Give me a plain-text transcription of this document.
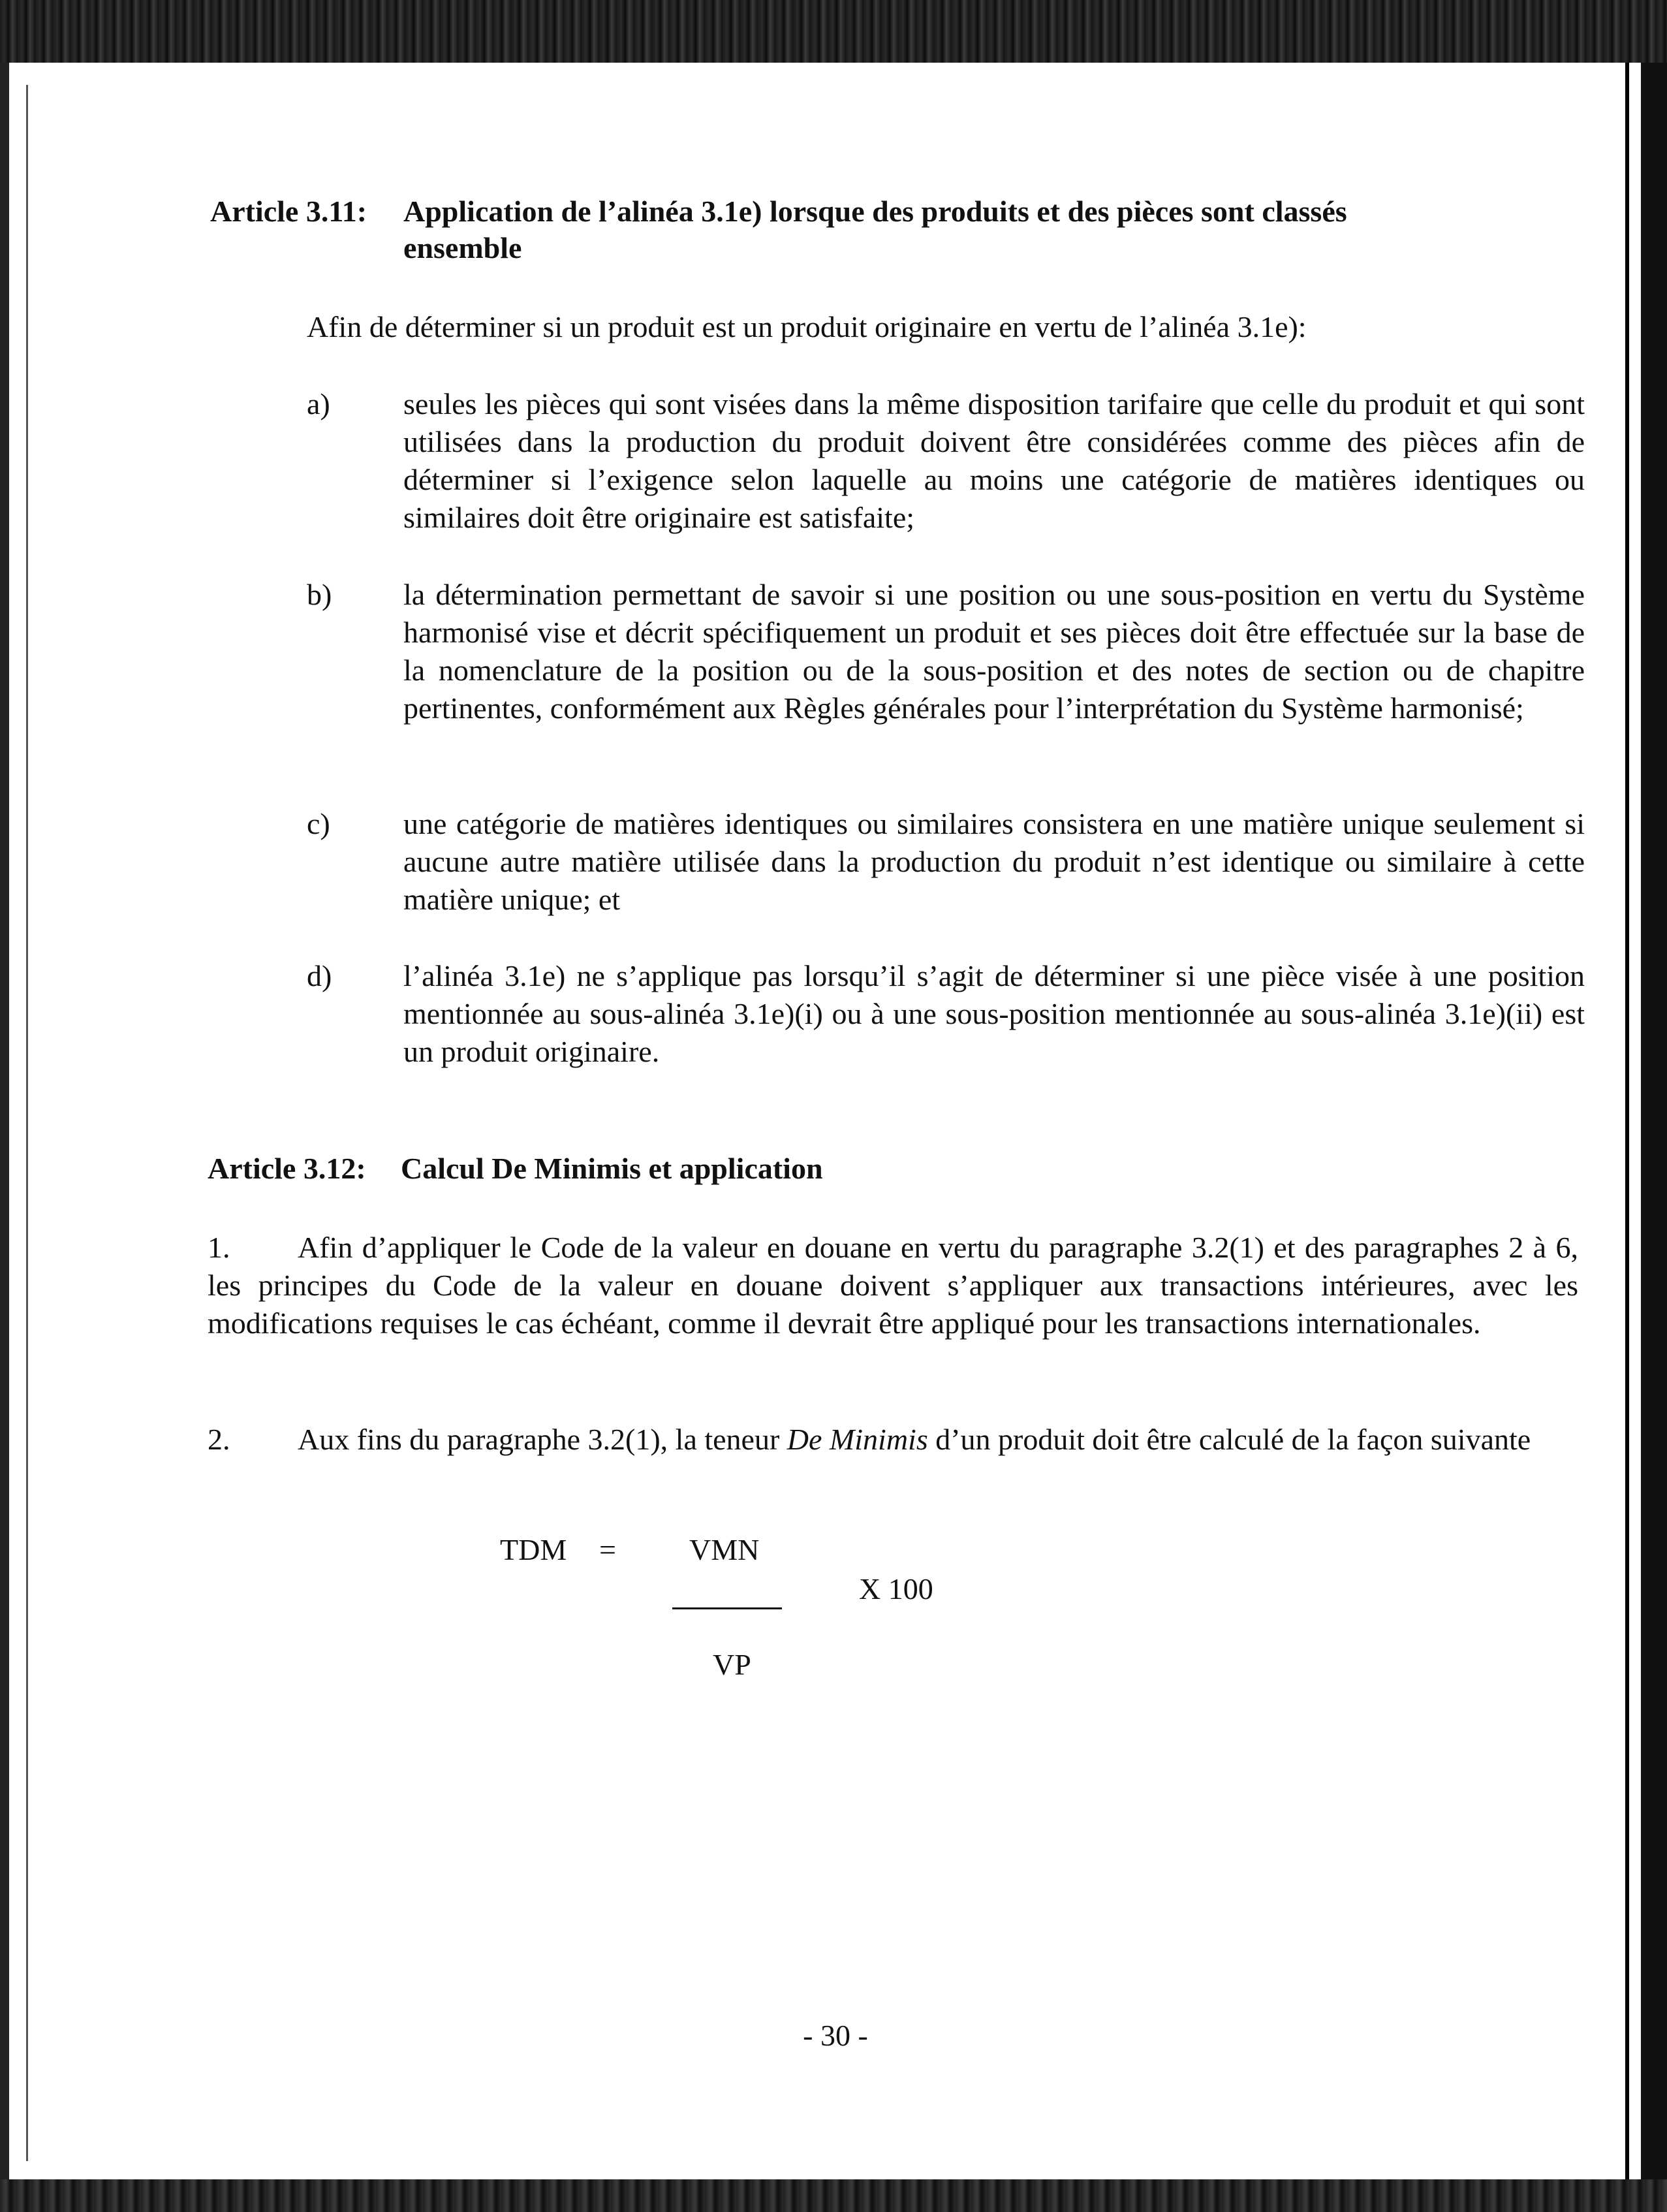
Article 3.11: Application de l’alinéa 3.1e) lorsque des produits et des pièces sont classés ensemble
Afin de déterminer si un produit est un produit originaire en vertu de l’alinéa 3.1e):
a) seules les pièces qui sont visées dans la même disposition tarifaire que celle du produit et qui sont utilisées dans la production du produit doivent être considérées comme des pièces afin de déterminer si l’exigence selon laquelle au moins une catégorie de matières identiques ou similaires doit être originaire est satisfaite;
b) la détermination permettant de savoir si une position ou une sous-position en vertu du Système harmonisé vise et décrit spécifiquement un produit et ses pièces doit être effectuée sur la base de la nomenclature de la position ou de la sous-position et des notes de section ou de chapitre pertinentes, conformément aux Règles générales pour l’interprétation du Système harmonisé;
c) une catégorie de matières identiques ou similaires consistera en une matière unique seulement si aucune autre matière utilisée dans la production du produit n’est identique ou similaire à cette matière unique; et
d) l’alinéa 3.1e) ne s’applique pas lorsqu’il s’agit de déterminer si une pièce visée à une position mentionnée au sous-alinéa 3.1e)(i) ou à une sous-position mentionnée au sous-alinéa 3.1e)(ii) est un produit originaire.
Article 3.12: Calcul De Minimis et application
1. Afin d’appliquer le Code de la valeur en douane en vertu du paragraphe 3.2(1) et des paragraphes 2 à 6, les principes du Code de la valeur en douane doivent s’appliquer aux transactions intérieures, avec les modifications requises le cas échéant, comme il devrait être appliqué pour les transactions internationales.
2. Aux fins du paragraphe 3.2(1), la teneur De Minimis d’un produit doit être calculé de la façon suivante
TDM = VMN
X 100
VP
- 30 -
